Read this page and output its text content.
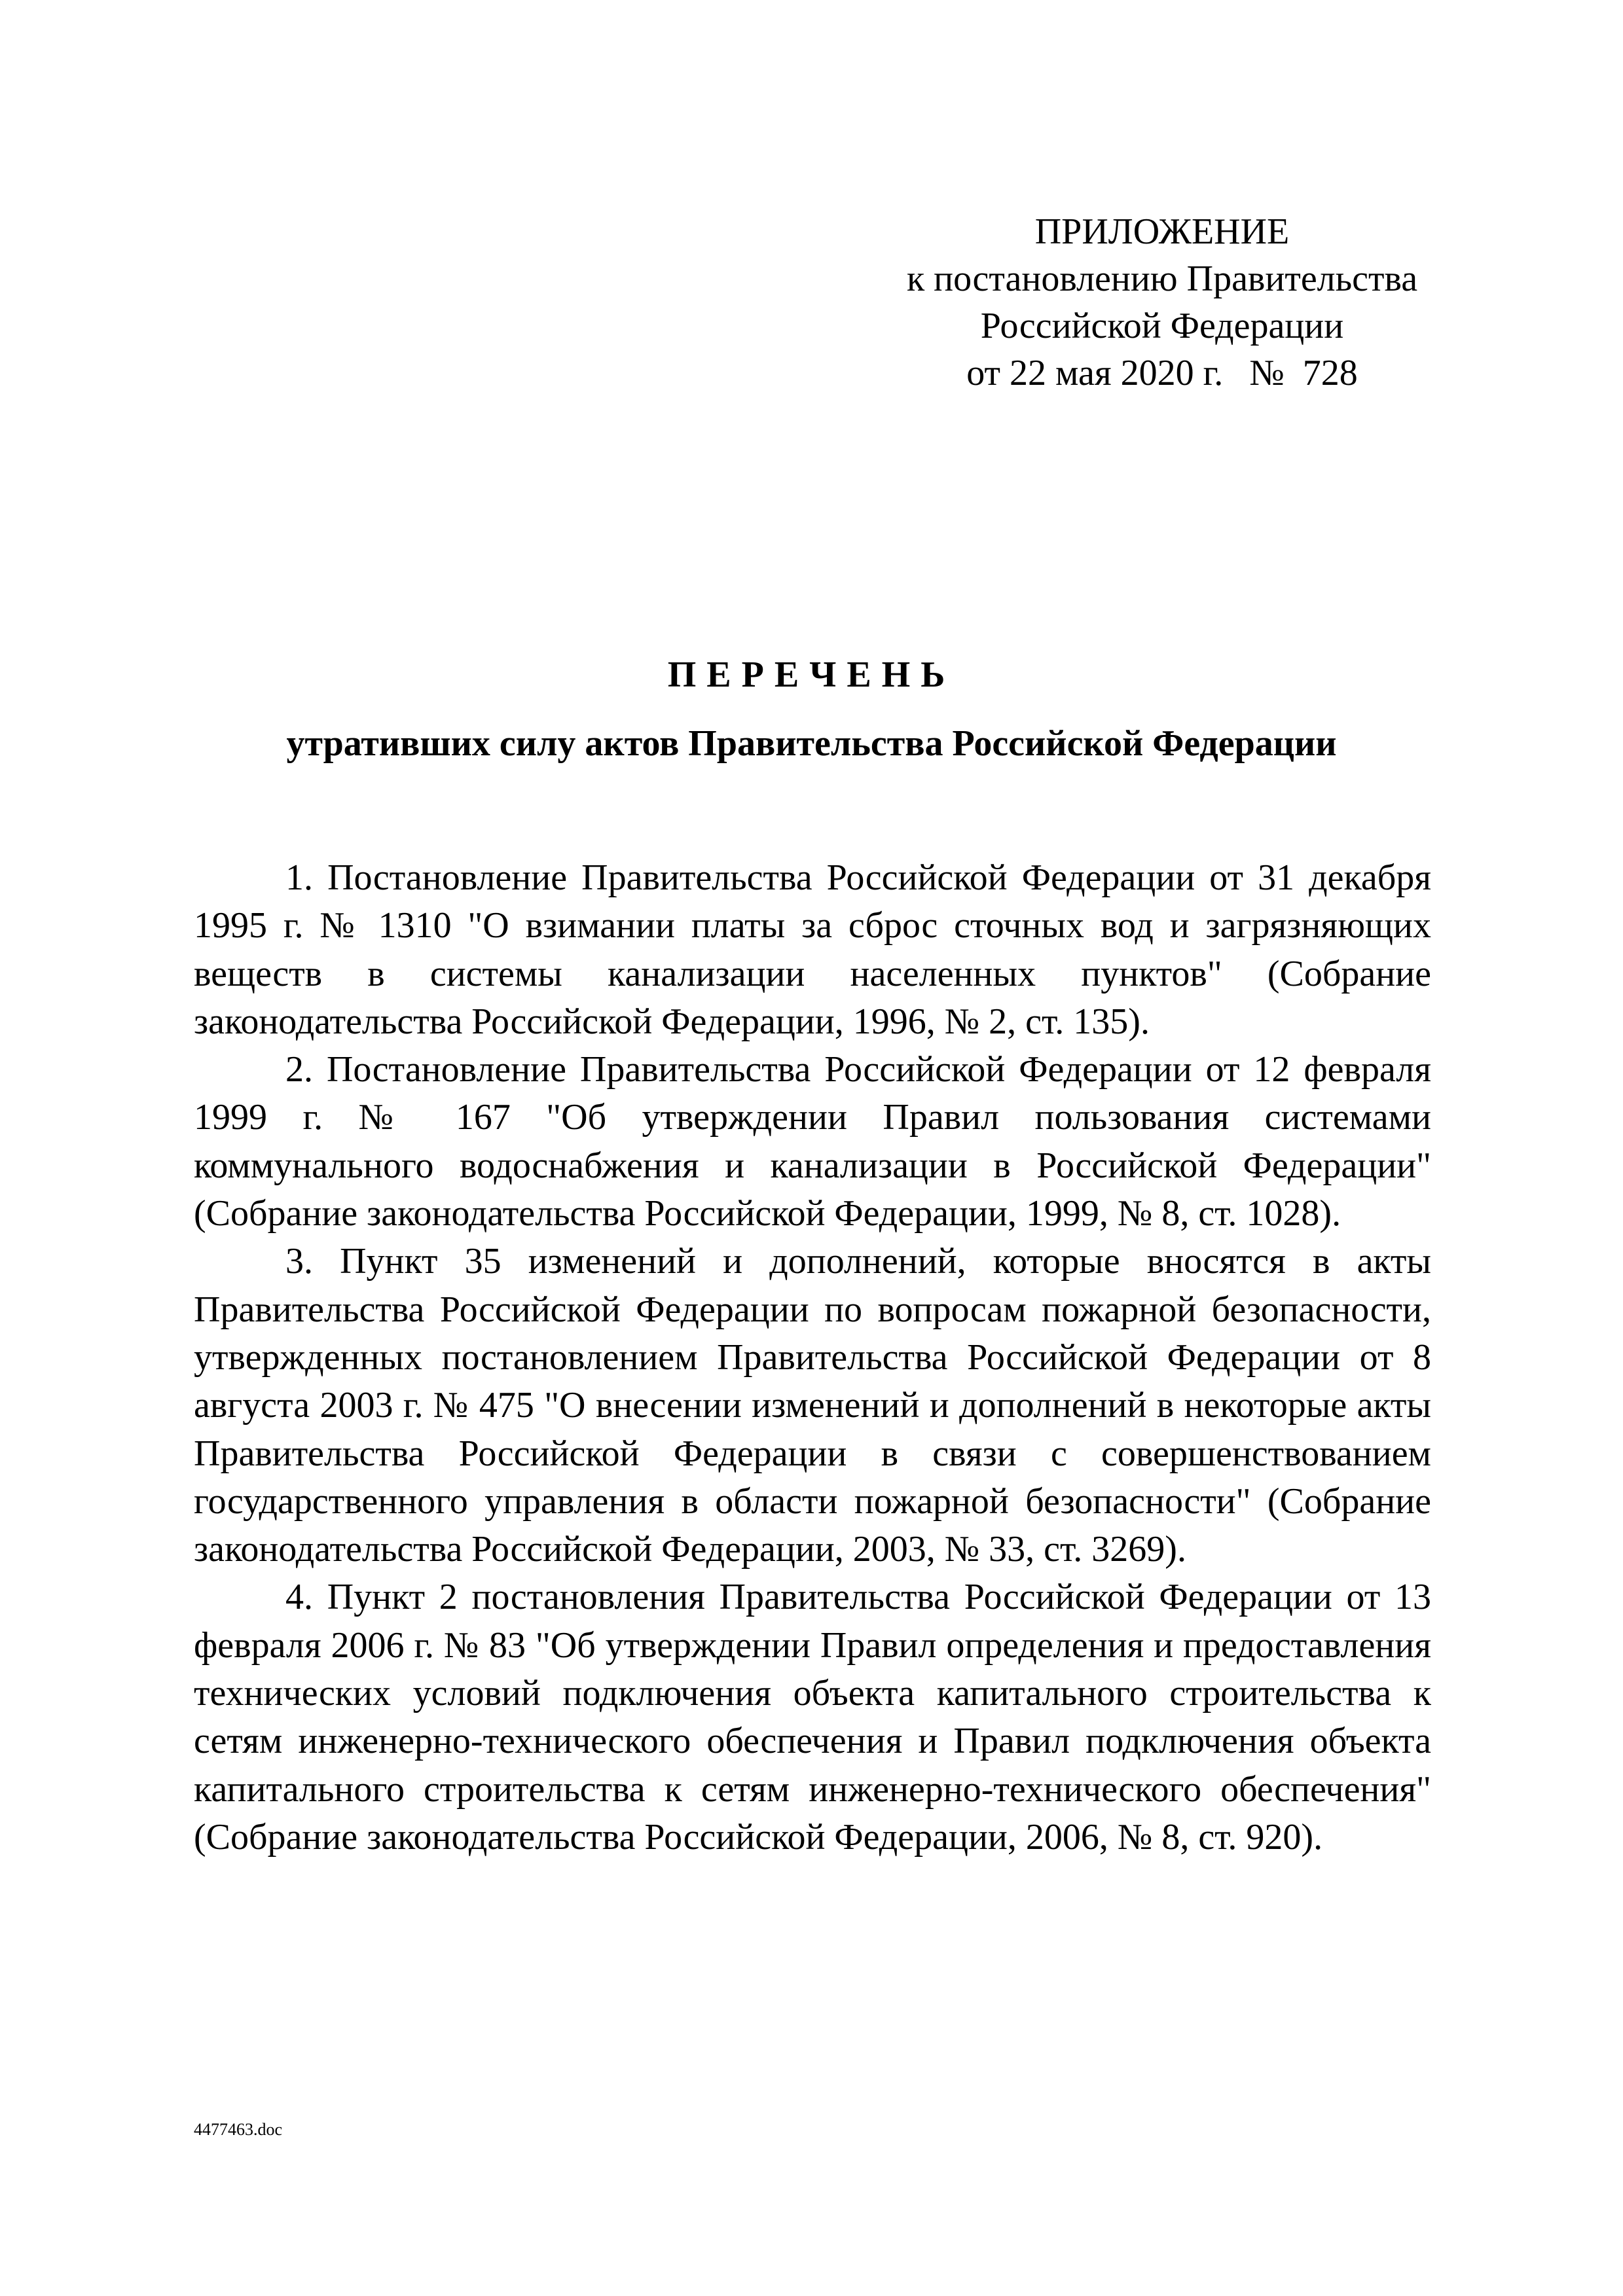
ПРИЛОЖЕНИЕ
к постановлению Правительства
Российской Федерации
от 22 мая 2020 г. № 728
ПЕРЕЧЕНЬ
утративших силу актов Правительства Российской Федерации

1. Постановление Правительства Российской Федерации от 31 декабря 1995 г. № 1310 "О взимании платы за сброс сточных вод и загрязняющих веществ в системы канализации населенных пунктов" (Собрание законодательства Российской Федерации, 1996, № 2, ст. 135).

2. Постановление Правительства Российской Федерации от 12 февраля 1999 г. № 167 "Об утверждении Правил пользования системами коммунального водоснабжения и канализации в Российской Федерации" (Собрание законодательства Российской Федерации, 1999, № 8, ст. 1028).

3. Пункт 35 изменений и дополнений, которые вносятся в акты Правительства Российской Федерации по вопросам пожарной безопасности, утвержденных постановлением Правительства Российской Федерации от 8 августа 2003 г. № 475 "О внесении изменений и дополнений в некоторые акты Правительства Российской Федерации в связи с совершенствованием государственного управления в области пожарной безопасности" (Собрание законодательства Российской Федерации, 2003, № 33, ст. 3269).

4. Пункт 2 постановления Правительства Российской Федерации от 13 февраля 2006 г. № 83 "Об утверждении Правил определения и предоставления технических условий подключения объекта капитального строительства к сетям инженерно-технического обеспечения и Правил подключения объекта капитального строительства к сетям инженерно-технического обеспечения" (Собрание законодательства Российской Федерации, 2006, № 8, ст. 920).

4477463.doc
